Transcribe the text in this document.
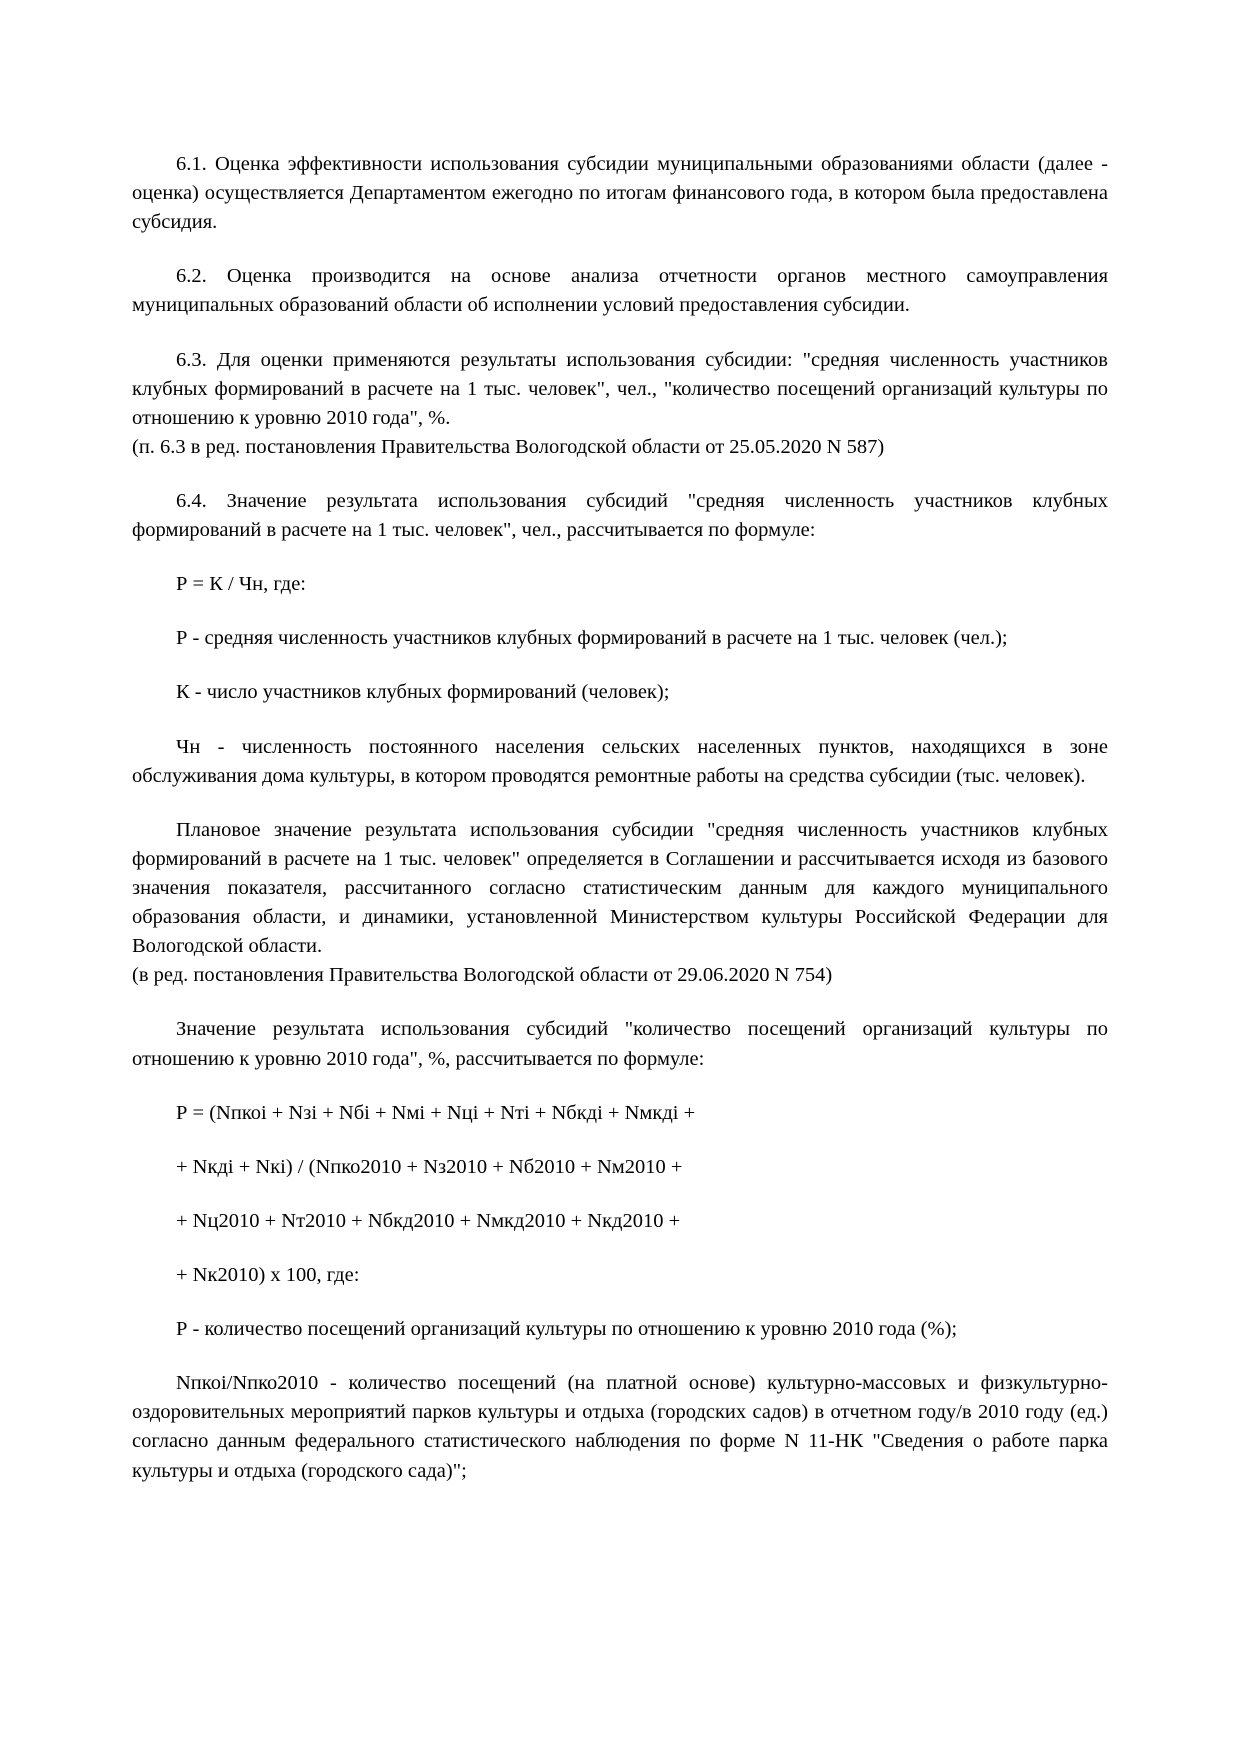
6.1. Оценка эффективности использования субсидии муниципальными образованиями области (далее - оценка) осуществляется Департаментом ежегодно по итогам финансового года, в котором была предоставлена субсидия.

6.2. Оценка производится на основе анализа отчетности органов местного самоуправления муниципальных образований области об исполнении условий предоставления субсидии.

6.3. Для оценки применяются результаты использования субсидии: "средняя численность участников клубных формирований в расчете на 1 тыс. человек", чел., "количество посещений организаций культуры по отношению к уровню 2010 года", %.

(п. 6.3 в ред. постановления Правительства Вологодской области от 25.05.2020 N 587)

6.4. Значение результата использования субсидий "средняя численность участников клубных формирований в расчете на 1 тыс. человек", чел., рассчитывается по формуле:

Р = К / Чн, где:

Р - средняя численность участников клубных формирований в расчете на 1 тыс. человек (чел.);

К - число участников клубных формирований (человек);

Чн - численность постоянного населения сельских населенных пунктов, находящихся в зоне обслуживания дома культуры, в котором проводятся ремонтные работы на средства субсидии (тыс. человек).

Плановое значение результата использования субсидии "средняя численность участников клубных формирований в расчете на 1 тыс. человек" определяется в Соглашении и рассчитывается исходя из базового значения показателя, рассчитанного согласно статистическим данным для каждого муниципального образования области, и динамики, установленной Министерством культуры Российской Федерации для Вологодской области.

(в ред. постановления Правительства Вологодской области от 29.06.2020 N 754)

Значение результата использования субсидий "количество посещений организаций культуры по отношению к уровню 2010 года", %, рассчитывается по формуле:

Р = (Nпкоi + Nзi + Nбi + Nмi + Nцi + Nтi + Nбкдi + Nмкдi +

+ Nкдi + Nкi) / (Nпко2010 + Nз2010 + Nб2010 + Nм2010 +

+ Nц2010 + Nт2010 + Nбкд2010 + Nмкд2010 + Nкд2010 +

+ Nк2010) x 100, где:

Р - количество посещений организаций культуры по отношению к уровню 2010 года (%);

Nпкоi/Nпко2010 - количество посещений (на платной основе) культурно-массовых и физкультурно-оздоровительных мероприятий парков культуры и отдыха (городских садов) в отчетном году/в 2010 году (ед.) согласно данным федерального статистического наблюдения по форме N 11-НК "Сведения о работе парка культуры и отдыха (городского сада)";
